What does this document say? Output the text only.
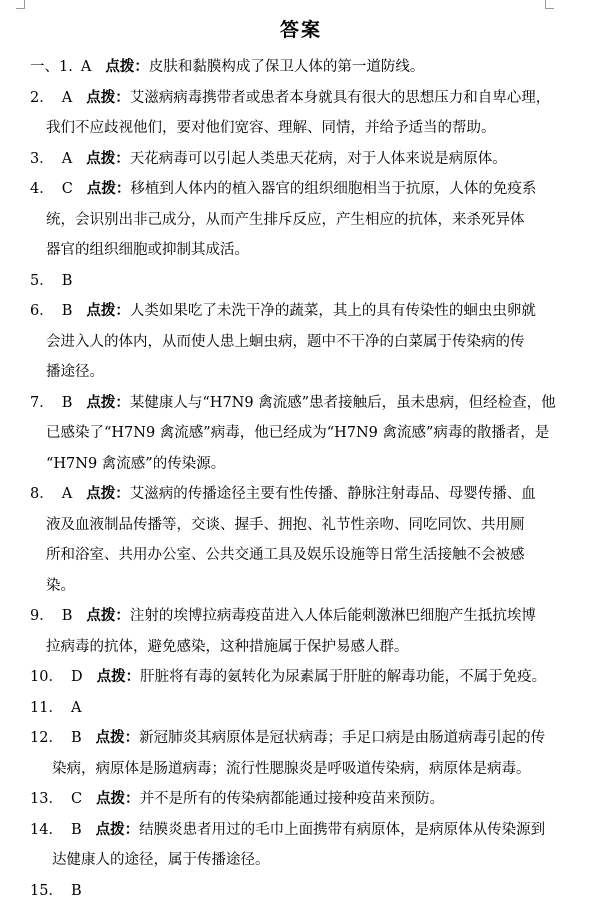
答案
一、1. A 点拨：皮肤和黏膜构成了保卫人体的第一道防线。
2． A 点拨：艾滋病病毒携带者或患者本身就具有很大的思想压力和自卑心理，
我们不应歧视他们，要对他们宽容、理解、同情，并给予适当的帮助。
3． A 点拨：天花病毒可以引起人类患天花病，对于人体来说是病原体。
4． C 点拨：移植到人体内的植入器官的组织细胞相当于抗原，人体的免疫系
统，会识别出非己成分，从而产生排斥反应，产生相应的抗体，来杀死异体
器官的组织细胞或抑制其成活。
5． B
6． B 点拨：人类如果吃了未洗干净的蔬菜，其上的具有传染性的蛔虫虫卵就
会进入人的体内，从而使人患上蛔虫病，题中不干净的白菜属于传染病的传
播途径。
7． B 点拨：某健康人与“H7N9 禽流感”患者接触后，虽未患病，但经检查，他
已感染了“H7N9 禽流感”病毒，他已经成为“H7N9 禽流感”病毒的散播者，是
“H7N9 禽流感”的传染源。
8． A 点拨：艾滋病的传播途径主要有性传播、静脉注射毒品、母婴传播、血
液及血液制品传播等，交谈、握手、拥抱、礼节性亲吻、同吃同饮、共用厕
所和浴室、共用办公室、公共交通工具及娱乐设施等日常生活接触不会被感
染。
9． B 点拨：注射的埃博拉病毒疫苗进入人体后能刺激淋巴细胞产生抵抗埃博
拉病毒的抗体，避免感染，这种措施属于保护易感人群。
10． D 点拨：肝脏将有毒的氨转化为尿素属于肝脏的解毒功能，不属于免疫。
11． A
12． B 点拨：新冠肺炎其病原体是冠状病毒；手足口病是由肠道病毒引起的传
染病，病原体是肠道病毒；流行性腮腺炎是呼吸道传染病，病原体是病毒。
13． C 点拨：并不是所有的传染病都能通过接种疫苗来预防。
14． B 点拨：结膜炎患者用过的毛巾上面携带有病原体，是病原体从传染源到
达健康人的途径，属于传播途径。
15． B
